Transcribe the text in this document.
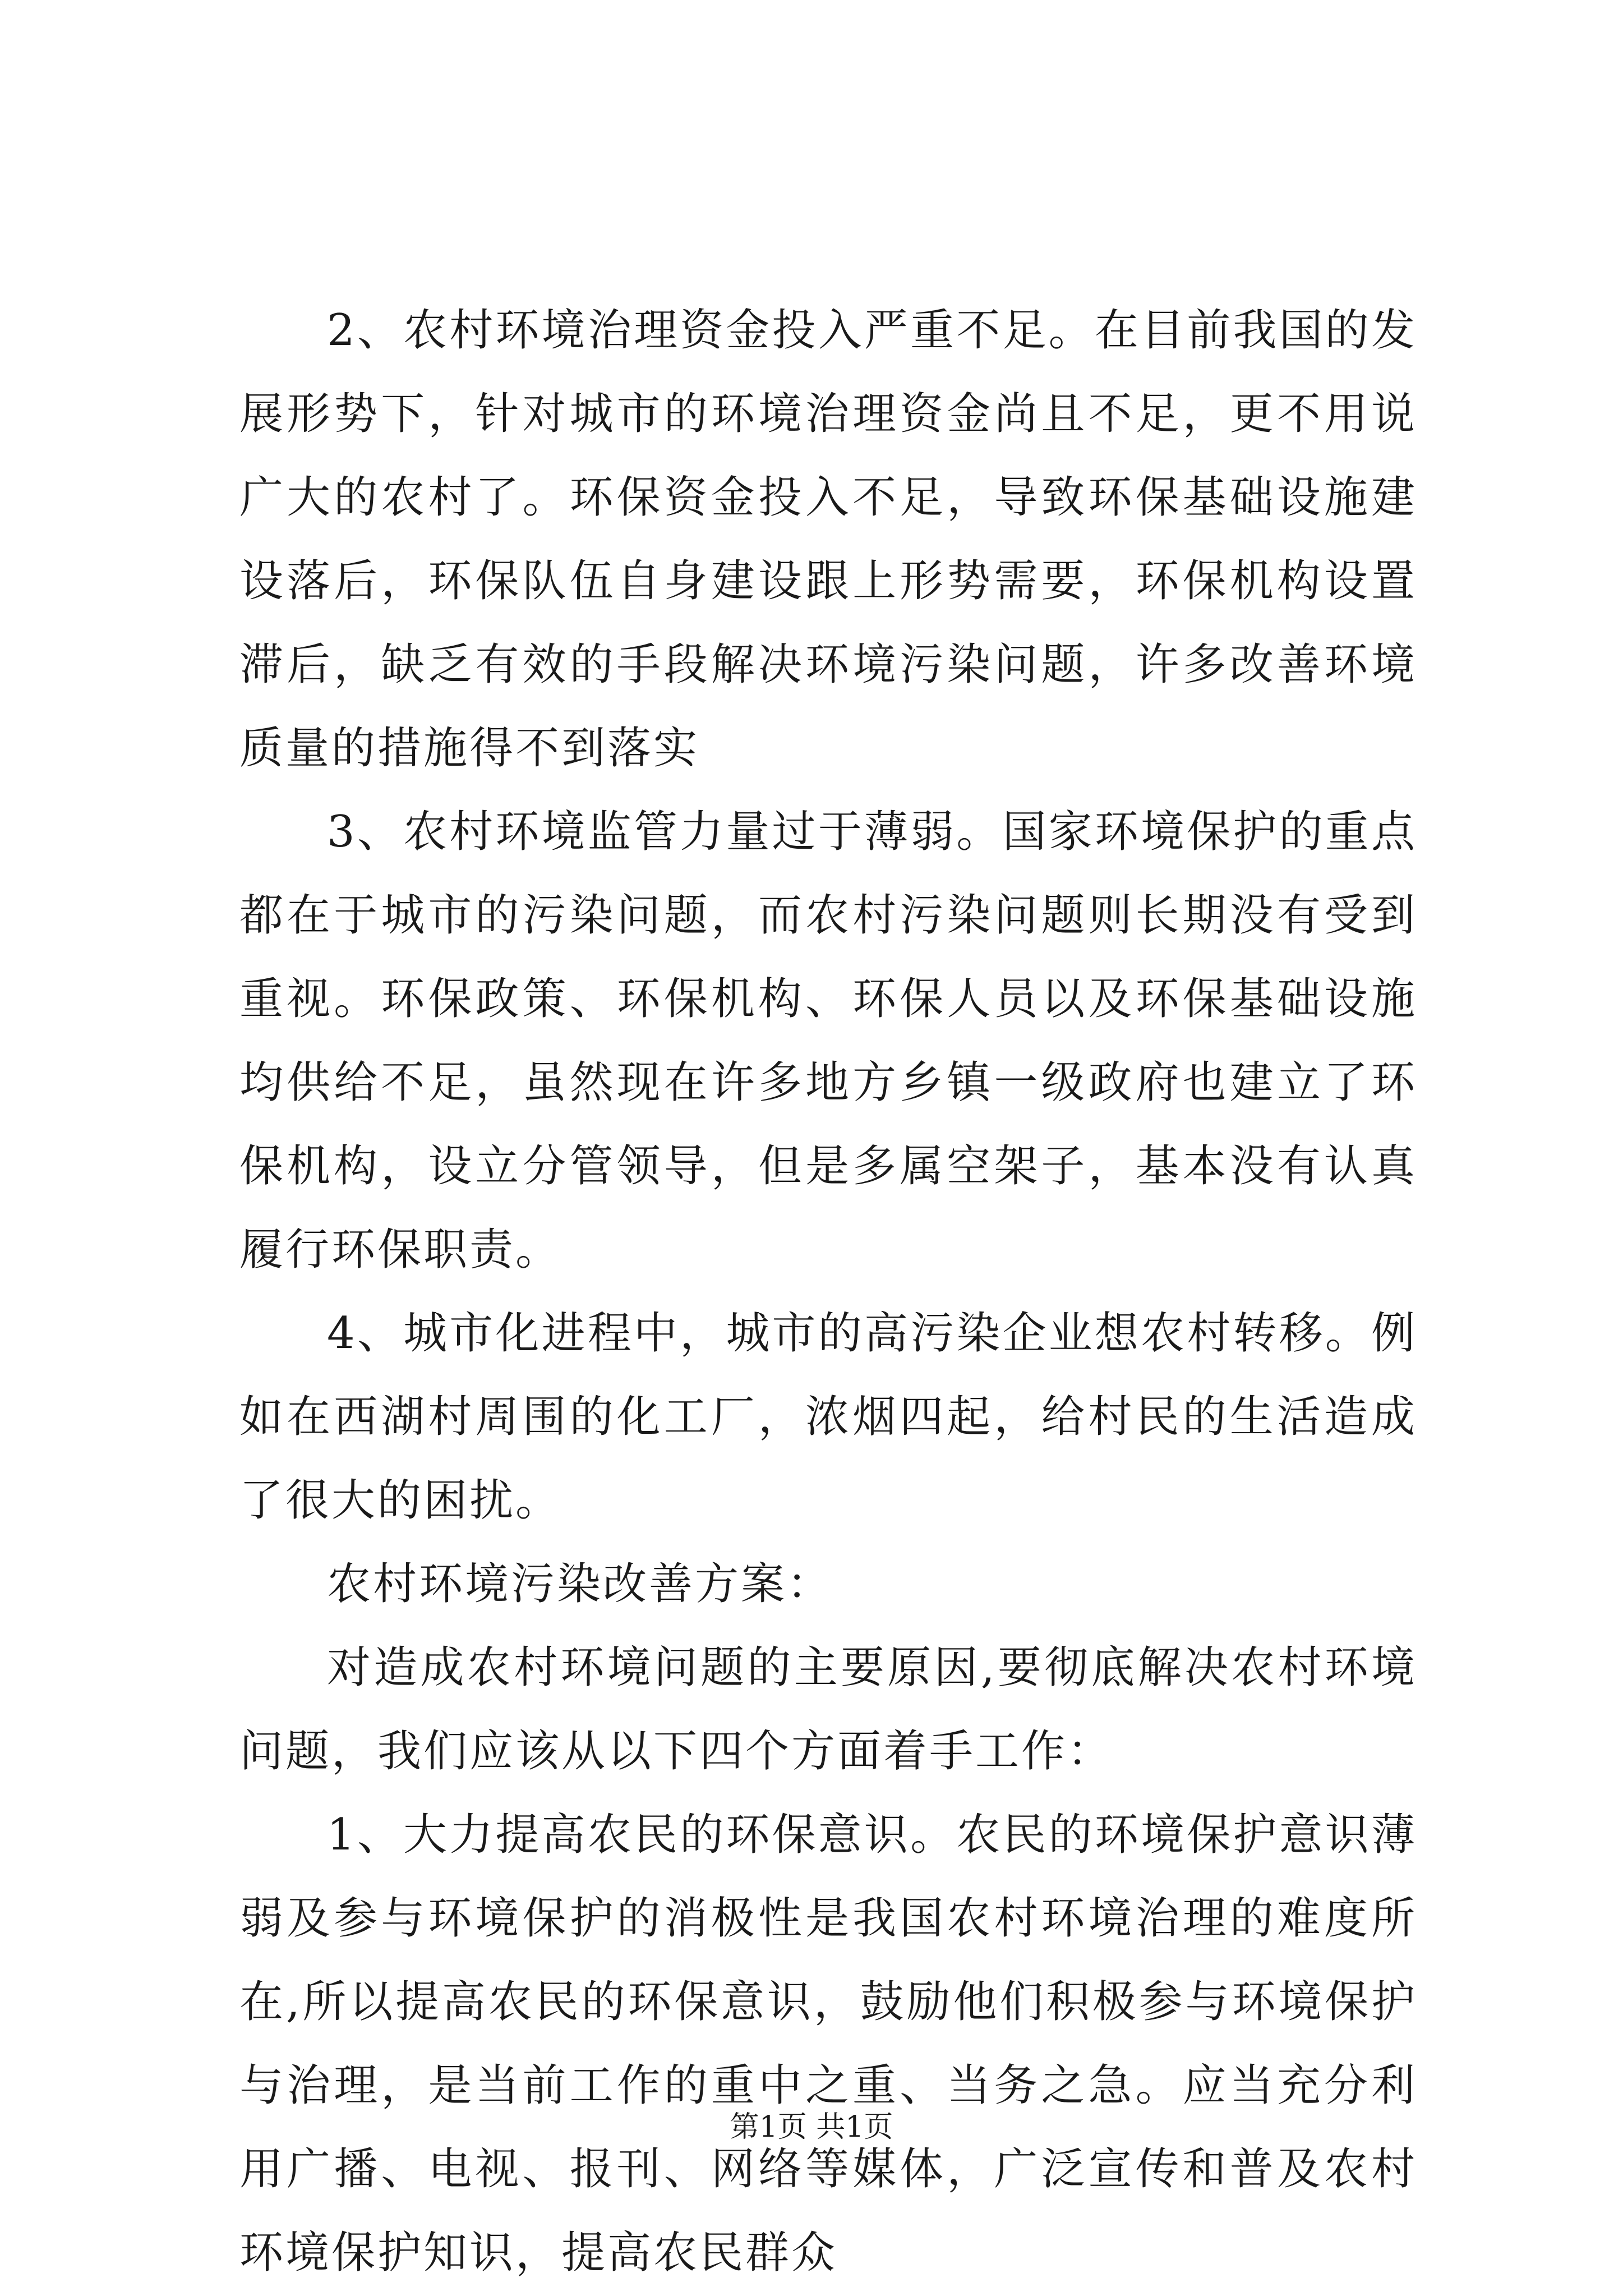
2、农村环境治理资金投入严重不足。在目前我国的发展形势下，针对城市的环境治理资金尚且不足，更不用说广大的农村了。环保资金投入不足，导致环保基础设施建设落后，环保队伍自身建设跟上形势需要，环保机构设置滞后，缺乏有效的手段解决环境污染问题，许多改善环境质量的措施得不到落实

3、农村环境监管力量过于薄弱。国家环境保护的重点都在于城市的污染问题，而农村污染问题则长期没有受到重视。环保政策、环保机构、环保人员以及环保基础设施均供给不足，虽然现在许多地方乡镇一级政府也建立了环保机构，设立分管领导，但是多属空架子，基本没有认真履行环保职责。

4、城市化进程中，城市的高污染企业想农村转移。例如在西湖村周围的化工厂，浓烟四起，给村民的生活造成了很大的困扰。

农村环境污染改善方案：

对造成农村环境问题的主要原因,要彻底解决农村环境问题，我们应该从以下四个方面着手工作：

1、大力提高农民的环保意识。农民的环境保护意识薄弱及参与环境保护的消极性是我国农村环境治理的难度所在,所以提高农民的环保意识，鼓励他们积极参与环境保护与治理，是当前工作的重中之重、当务之急。应当充分利用广播、电视、报刊、网络等媒体，广泛宣传和普及农村环境保护知识，提高农民群众

第1页 共1页
